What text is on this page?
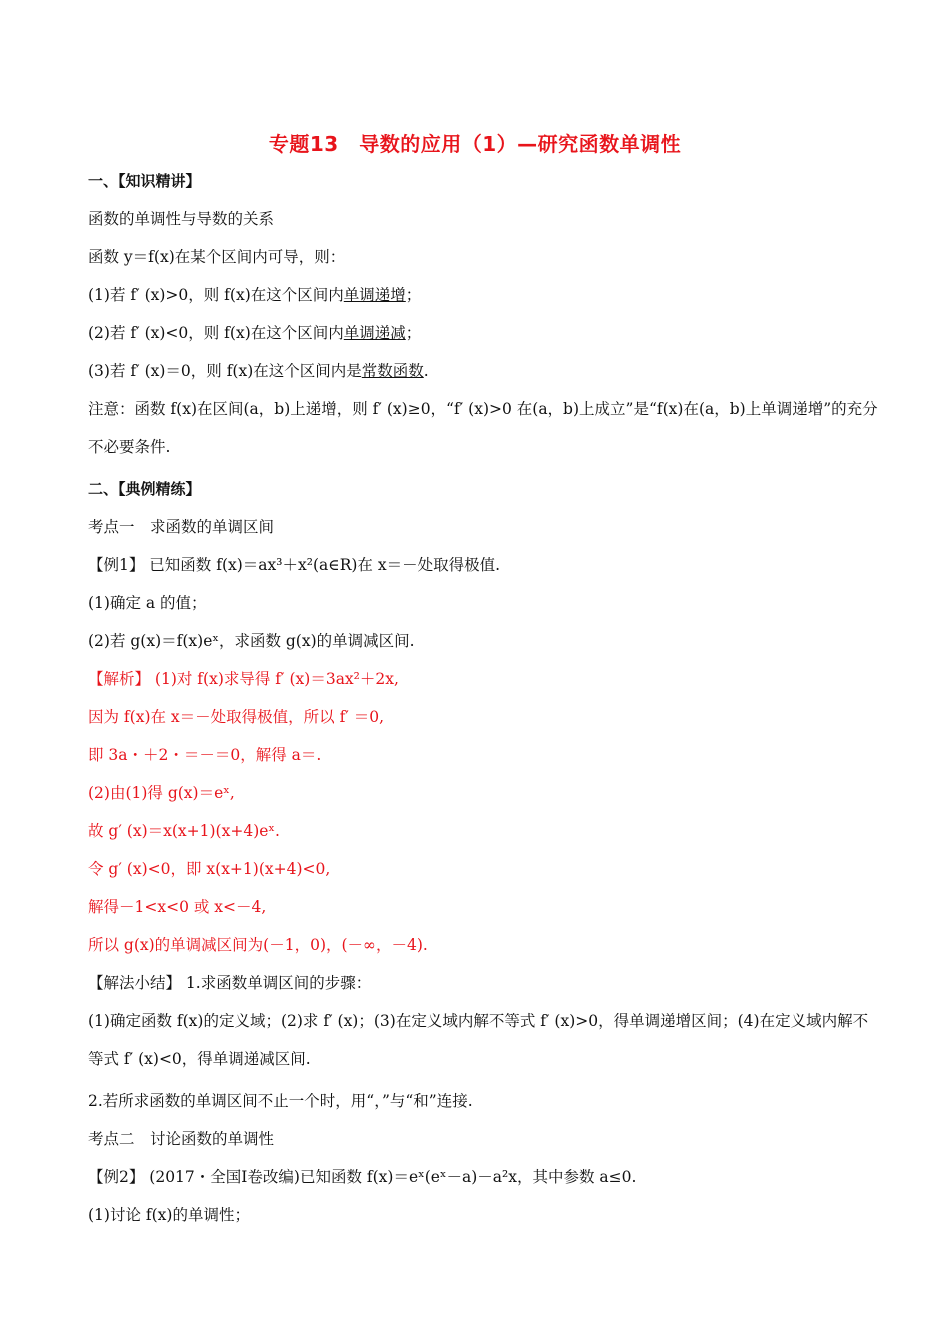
专题13　导数的应用（1）—研究函数单调性
一、【知识精讲】
函数的单调性与导数的关系
函数 y＝f(x)在某个区间内可导，则：
(1)若 f′ (x)>0，则 f(x)在这个区间内单调递增；
(2)若 f′ (x)<0，则 f(x)在这个区间内单调递减；
(3)若 f′ (x)＝0，则 f(x)在这个区间内是常数函数.
注意：函数 f(x)在区间(a，b)上递增，则 f′ (x)≥0，“f′ (x)>0 在(a，b)上成立”是“f(x)在(a，b)上单调递增”的充分不必要条件.
二、【典例精练】
考点一　求函数的单调区间
【例1】 已知函数 f(x)＝ax³＋x²(a∈R)在 x＝－处取得极值.
(1)确定 a 的值；
(2)若 g(x)＝f(x)eˣ，求函数 g(x)的单调减区间.
【解析】 (1)对 f(x)求导得 f′ (x)＝3ax²＋2x,
因为 f(x)在 x＝－处取得极值，所以 f′ ＝0,
即 3a・＋2・＝－＝0，解得 a＝.
(2)由(1)得 g(x)＝eˣ,
故 g′ (x)＝x(x+1)(x+4)eˣ.
令 g′ (x)<0，即 x(x+1)(x+4)<0,
解得－1<x<0 或 x<－4,
所以 g(x)的单调减区间为(－1，0)，(－∞，－4).
【解法小结】 1.求函数单调区间的步骤：
(1)确定函数 f(x)的定义域；(2)求 f′ (x)；(3)在定义域内解不等式 f′ (x)>0，得单调递增区间；(4)在定义域内解不等式 f′ (x)<0，得单调递减区间.
2.若所求函数的单调区间不止一个时，用“，”与“和”连接.
考点二　讨论函数的单调性
【例2】 (2017・全国Ⅰ卷改编)已知函数 f(x)＝eˣ(eˣ－a)－a²x，其中参数 a≤0.
(1)讨论 f(x)的单调性；
